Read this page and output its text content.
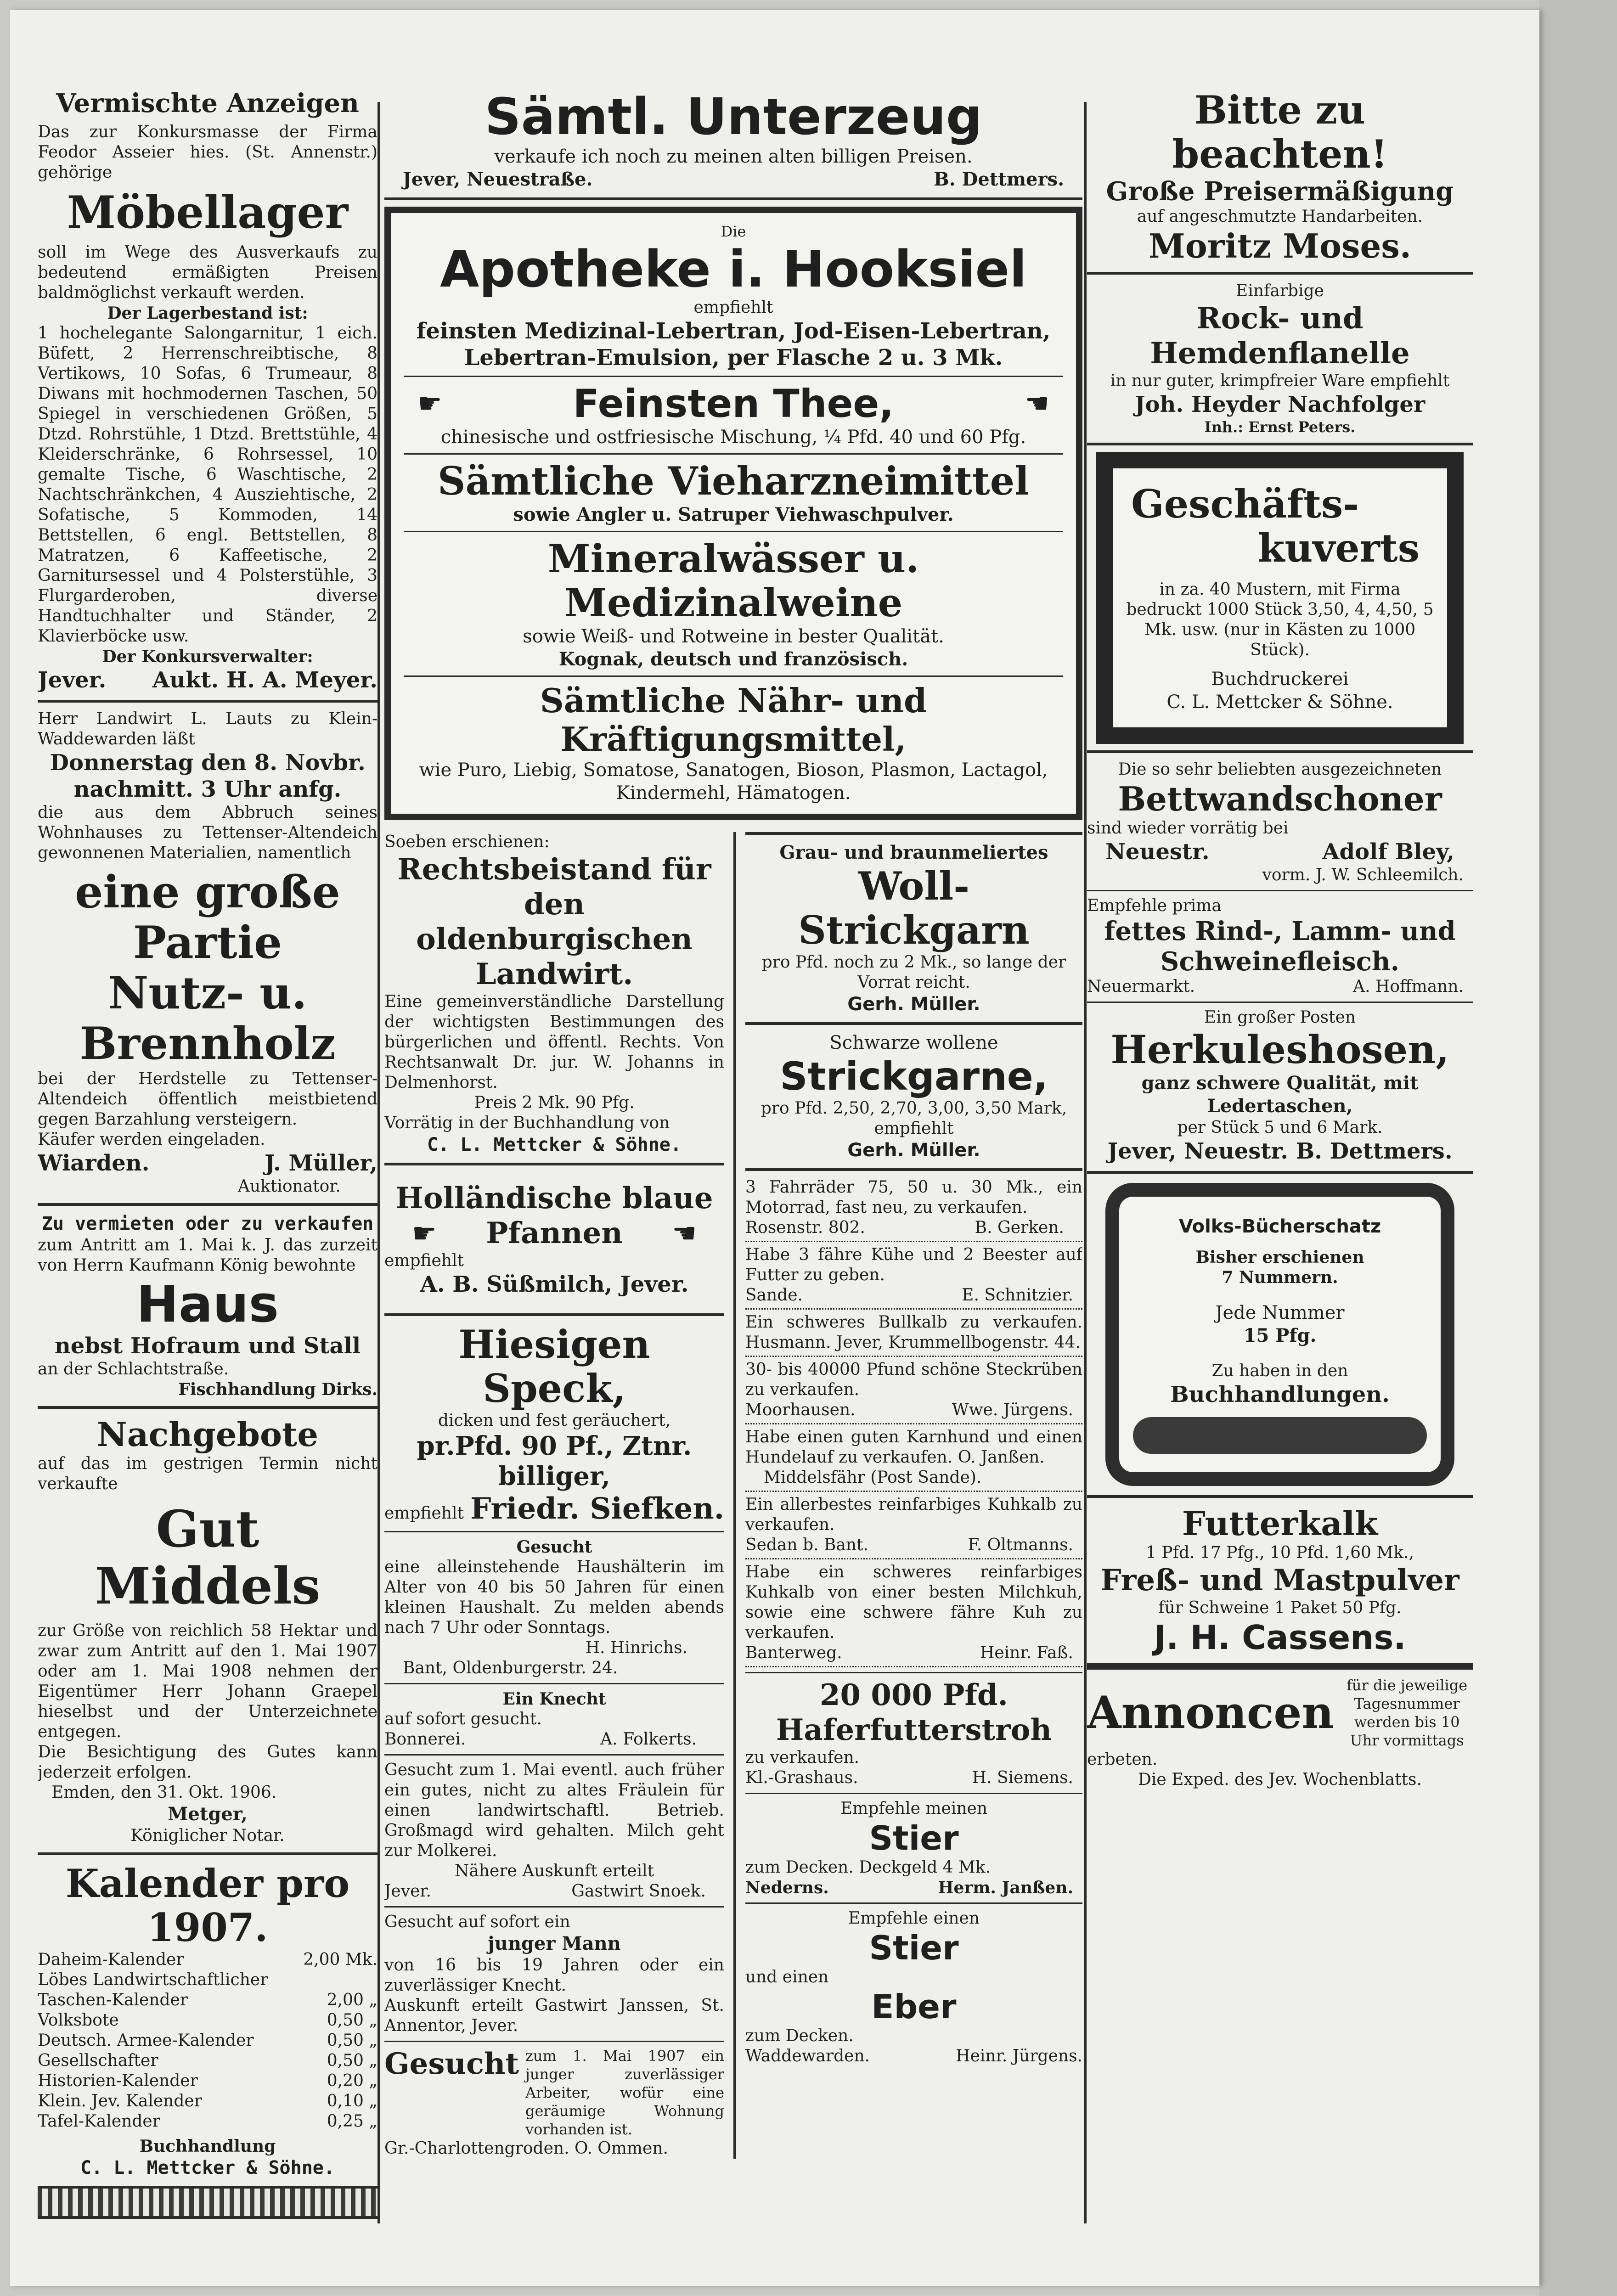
Vermischte Anzeigen

Das zur Konkursmasse der Firma Feodor Asseier hies. (St. Annenstr.) gehörige

Möbellager

soll im Wege des Ausverkaufs zu bedeutend ermäßigten Preisen baldmöglichst verkauft werden.

Der Lagerbestand ist:

1 hochelegante Salongarnitur, 1 eich. Büfett, 2 Herrenschreibtische, 8 Vertikows, 10 Sofas, 6 Trumeaur, 8 Diwans mit hochmodernen Taschen, 50 Spiegel in verschiedenen Größen, 5 Dtzd. Rohrstühle, 1 Dtzd. Brettstühle, 4 Kleiderschränke, 6 Rohrsessel, 10 gemalte Tische, 6 Waschtische, 2 Nachtschränkchen, 4 Ausziehtische, 2 Sofatische, 5 Kommoden, 14 Bettstellen, 6 engl. Bettstellen, 8 Matratzen, 6 Kaffeetische, 2 Garnitursessel und 4 Polsterstühle, 3 Flurgarderoben, diverse Handtuchhalter und Ständer, 2 Klavierböcke usw.

Der Konkursverwalter:

Jever. Aukt. H. A. Meyer.

Herr Landwirt L. Lauts zu Klein-Waddewarden läßt

Donnerstag den 8. Novbr. nachmitt. 3 Uhr anfg.

die aus dem Abbruch seines Wohnhauses zu Tettenser-Altendeich gewonnenen Materialien, namentlich

eine große Partie
Nutz- u. Brennholz

bei der Herdstelle zu Tettenser-Altendeich öffentlich meistbietend gegen Barzahlung versteigern.

Käufer werden eingeladen.

Wiarden.	J. Müller,

Auktionator.

Zu vermieten oder zu verkaufen

zum Antritt am 1. Mai k. J. das zurzeit von Herrn Kaufmann König bewohnte

Haus

nebst Hofraum und Stall

an der Schlachtstraße.

Fischhandlung Dirks.

Nachgebote

auf das im gestrigen Termin nicht verkaufte

Gut Middels

zur Größe von reichlich 58 Hektar und zwar zum Antritt auf den 1. Mai 1907 oder am 1. Mai 1908 nehmen der Eigentümer Herr Johann Graepel hieselbst und der Unterzeichnete entgegen.

Die Besichtigung des Gutes kann jederzeit erfolgen.

Emden, den 31. Okt. 1906.

Metger,

Königlicher Notar.

Kalender pro 1907.
Daheim-Kalender	2,00 Mk.
Löbes Landwirtschaftlicher Taschen-Kalender	2,00 „
Volksbote	0,50 „
Deutsch. Armee-Kalender	0,50 „
Gesellschafter	0,50 „
Historien-Kalender	0,20 „
Klein. Jev. Kalender	0,10 „
Tafel-Kalender	0,25 „

Buchhandlung

C. L. Mettcker & Söhne.

Sämtl. Unterzeug

verkaufe ich noch zu meinen alten billigen Preisen.

Jever, Neuestraße.	B. Dettmers.

Die

Apotheke i. Hooksiel

empfiehlt

feinsten Medizinal-Lebertran, Jod-Eisen-Lebertran, Lebertran-Emulsion, per Flasche 2 u. 3 Mk.

☛	Feinsten Thee,	☚

chinesische und ostfriesische Mischung, ¼ Pfd. 40 und 60 Pfg.

Sämtliche Vieharzneimittel

sowie Angler u. Satruper Viehwaschpulver.

Mineralwässer u. Medizinalweine

sowie Weiß- und Rotweine in bester Qualität.

Kognak, deutsch und französisch.

Sämtliche Nähr- und Kräftigungsmittel,

wie Puro, Liebig, Somatose, Sanatogen, Bioson, Plasmon, Lactagol, Kindermehl, Hämatogen.

Soeben erschienen:

Rechtsbeistand für den oldenburgischen Landwirt.

Eine gemeinverständliche Darstellung der wichtigsten Bestimmungen des bürgerlichen und öffentl. Rechts. Von Rechtsanwalt Dr. jur. W. Johanns in Delmenhorst.

Preis 2 Mk. 90 Pfg.

Vorrätig in der Buchhandlung von

C. L. Mettcker & Söhne.

Holländische blaue
☛ Pfannen ☚

empfiehlt

A. B. Süßmilch, Jever.

Hiesigen Speck,

dicken und fest geräuchert,

pr.Pfd. 90 Pf., Ztnr. billiger,
empfiehlt Friedr. Siefken.

Gesucht

eine alleinstehende Haushälterin im Alter von 40 bis 50 Jahren für einen kleinen Haushalt. Zu melden abends nach 7 Uhr oder Sonntags.

H. Hinrichs.

Bant, Oldenburgerstr. 24.

Ein Knecht

auf sofort gesucht.

Bonnerei.	A. Folkerts.

Gesucht zum 1. Mai eventl. auch früher ein gutes, nicht zu altes Fräulein für einen landwirtschaftl. Betrieb. Großmagd wird gehalten. Milch geht zur Molkerei.

Nähere Auskunft erteilt

Jever.	Gastwirt Snoek.

Gesucht auf sofort ein

junger Mann

von 16 bis 19 Jahren oder ein zuverlässiger Knecht.

Auskunft erteilt Gastwirt Janssen, St. Annentor, Jever.

Gesucht zum 1. Mai 1907 ein junger zuverlässiger Arbeiter, wofür eine geräumige Wohnung vorhanden ist.

Gr.-Charlottengroden. O. Ommen.

Grau- und braunmeliertes

Woll-Strickgarn

pro Pfd. noch zu 2 Mk., so lange der Vorrat reicht.

Gerh. Müller.

Schwarze wollene

Strickgarne,

pro Pfd. 2,50, 2,70, 3,00, 3,50 Mark, empfiehlt

Gerh. Müller.

3 Fahrräder 75, 50 u. 30 Mk., ein Motorrad, fast neu, zu verkaufen.

Rosenstr. 802.	B. Gerken.

Habe 3 fähre Kühe und 2 Beester auf Futter zu geben.

Sande.	E. Schnitzier.

Ein schweres Bullkalb zu verkaufen. Husmann. Jever, Krummellbogenstr. 44.

30- bis 40000 Pfund schöne Steckrüben zu verkaufen.

Moorhausen.	Wwe. Jürgens.

Habe einen guten Karnhund und einen Hundelauf zu verkaufen. O. Janßen.

Middelsfähr (Post Sande).

Ein allerbestes reinfarbiges Kuhkalb zu verkaufen.

Sedan b. Bant.	F. Oltmanns.

Habe ein schweres reinfarbiges Kuhkalb von einer besten Milchkuh, sowie eine schwere fähre Kuh zu verkaufen.

Banterweg.	Heinr. Faß.
20 000 Pfd. Haferfutterstroh

zu verkaufen.

Kl.-Grashaus.	H. Siemens.

Empfehle meinen

Stier

zum Decken. Deckgeld 4 Mk.

Nederns.	Herm. Janßen.

Empfehle einen

Stier

und einen

Eber

zum Decken.

Waddewarden.	Heinr. Jürgens.
Bitte zu beachten!
Große Preisermäßigung

auf angeschmutzte Handarbeiten.

Moritz Moses.

Einfarbige

Rock- und Hemdenflanelle

in nur guter, krimpfreier Ware empfiehlt

Joh. Heyder Nachfolger

Inh.: Ernst Peters.

Geschäfts-
kuverts

in za. 40 Mustern, mit Firma bedruckt 1000 Stück 3,50, 4, 4,50, 5 Mk. usw. (nur in Kästen zu 1000 Stück).

Buchdruckerei

C. L. Mettcker & Söhne.

Die so sehr beliebten ausgezeichneten

Bettwandschoner

sind wieder vorrätig bei

Neuestr.	Adolf Bley,

vorm. J. W. Schleemilch.

Empfehle prima

fettes Rind-, Lamm- und Schweinefleisch.
Neuermarkt.	A. Hoffmann.

Ein großer Posten

Herkuleshosen,

ganz schwere Qualität, mit Ledertaschen,

per Stück 5 und 6 Mark.

Jever, Neuestr. B. Dettmers.
Volks-Bücherschatz

Bisher erschienen

7 Nummern.

Jede Nummer

15 Pfg.

Zu haben in den

Buchhandlungen.

Futterkalk

1 Pfd. 17 Pfg., 10 Pfd. 1,60 Mk.,

Freß- und Mastpulver

für Schweine 1 Paket 50 Pfg.

J. H. Cassens.
Annoncen
für die jeweilige Tagesnummer werden bis 10 Uhr vormittags

erbeten.

Die Exped. des Jev. Wochenblatts.
